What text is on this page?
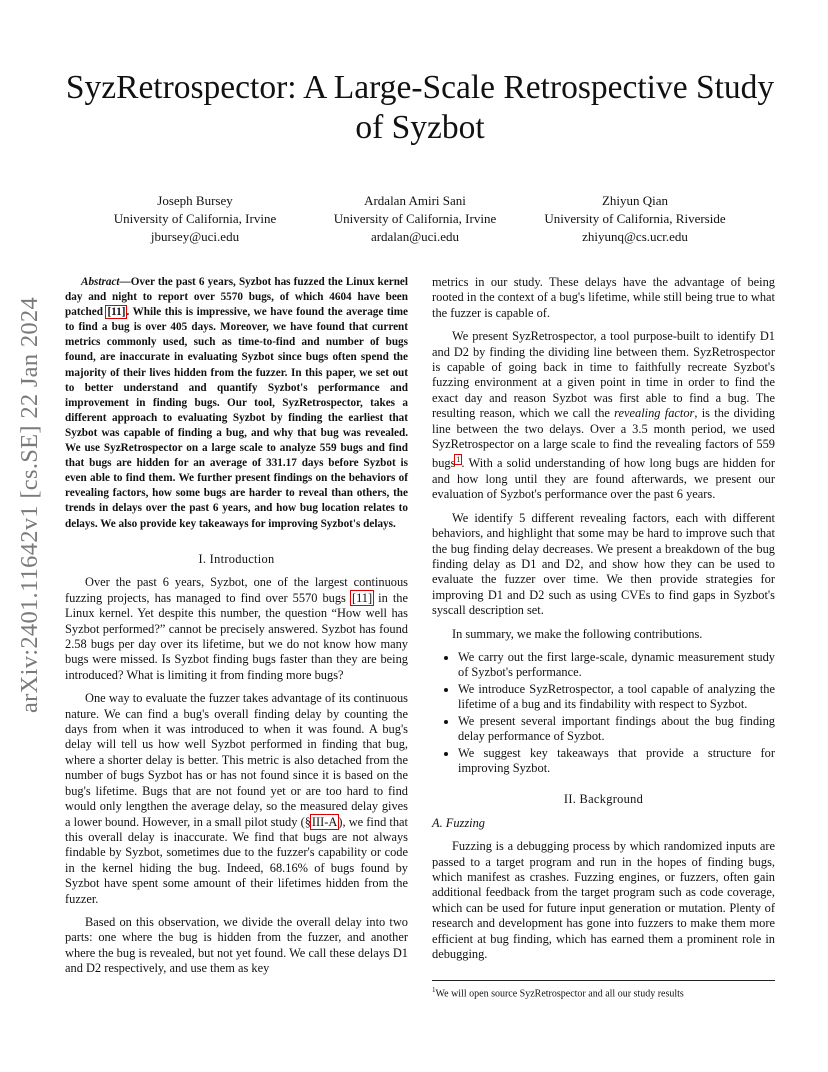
arXiv:2401.11642v1 [cs.SE] 22 Jan 2024
SyzRetrospector: A Large-Scale Retrospective Study
of Syzbot
Joseph Bursey
University of California, Irvine
jbursey@uci.edu
Ardalan Amiri Sani
University of California, Irvine
ardalan@uci.edu
Zhiyun Qian
University of California, Riverside
zhiyunq@cs.ucr.edu
Abstract—Over the past 6 years, Syzbot has fuzzed the Linux kernel day and night to report over 5570 bugs, of which 4604 have been patched [11]. While this is impressive, we have found the average time to find a bug is over 405 days. Moreover, we have found that current metrics commonly used, such as time-to-find and number of bugs found, are inaccurate in evaluating Syzbot since bugs often spend the majority of their lives hidden from the fuzzer. In this paper, we set out to better understand and quantify Syzbot's performance and improvement in finding bugs. Our tool, SyzRetrospector, takes a different approach to evaluating Syzbot by finding the earliest that Syzbot was capable of finding a bug, and why that bug was revealed. We use SyzRetrospector on a large scale to analyze 559 bugs and find that bugs are hidden for an average of 331.17 days before Syzbot is even able to find them. We further present findings on the behaviors of revealing factors, how some bugs are harder to reveal than others, the trends in delays over the past 6 years, and how bug location relates to delays. We also provide key takeaways for improving Syzbot's delays.
I. Introduction

Over the past 6 years, Syzbot, one of the largest continuous fuzzing projects, has managed to find over 5570 bugs [11] in the Linux kernel. Yet despite this number, the question “How well has Syzbot performed?” cannot be precisely answered. Syzbot has found 2.58 bugs per day over its lifetime, but we do not know how many bugs were missed. Is Syzbot finding bugs faster than they are being introduced? What is limiting it from finding more bugs?

One way to evaluate the fuzzer takes advantage of its continuous nature. We can find a bug's overall finding delay by counting the days from when it was introduced to when it was found. A bug's delay will tell us how well Syzbot performed in finding that bug, where a shorter delay is better. This metric is also detached from the number of bugs Syzbot has or has not found since it is based on the bug's lifetime. Bugs that are not found yet or are too hard to find would only lengthen the average delay, so the measured delay gives a lower bound. However, in a small pilot study (§III-A), we find that this overall delay is inaccurate. We find that bugs are not always findable by Syzbot, sometimes due to the fuzzer's capability or code in the kernel hiding the bug. Indeed, 68.16% of bugs found by Syzbot have spent some amount of their lifetimes hidden from the fuzzer.

Based on this observation, we divide the overall delay into two parts: one where the bug is hidden from the fuzzer, and another where the bug is revealed, but not yet found. We call these delays D1 and D2 respectively, and use them as key

metrics in our study. These delays have the advantage of being rooted in the context of a bug's lifetime, while still being true to what the fuzzer is capable of.

We present SyzRetrospector, a tool purpose-built to identify D1 and D2 by finding the dividing line between them. SyzRetrospector is capable of going back in time to faithfully recreate Syzbot's fuzzing environment at a given point in time in order to find the exact day and reason Syzbot was first able to find a bug. The resulting reason, which we call the revealing factor, is the dividing line between the two delays. Over a 3.5 month period, we used SyzRetrospector on a large scale to find the revealing factors of 559 bugs$^1$. With a solid understanding of how long bugs are hidden for and how long until they are found afterwards, we present our evaluation of Syzbot's performance over the past 6 years.

We identify 5 different revealing factors, each with different behaviors, and highlight that some may be hard to improve such that the bug finding delay decreases. We present a breakdown of the bug finding delay as D1 and D2, and show how they can be used to evaluate the fuzzer over time. We then provide strategies for improving D1 and D2 such as using CVEs to find gaps in Syzbot's syscall description set.

In summary, we make the following contributions.

• We carry out the first large-scale, dynamic measurement study of Syzbot's performance.
• We introduce SyzRetrospector, a tool capable of analyzing the lifetime of a bug and its findability with respect to Syzbot.
• We present several important findings about the bug finding delay performance of Syzbot.
• We suggest key takeaways that provide a structure for improving Syzbot.
II. Background
A. Fuzzing

Fuzzing is a debugging process by which randomized inputs are passed to a target program and run in the hopes of finding bugs, which manifest as crashes. Fuzzing engines, or fuzzers, often gain additional feedback from the target program such as code coverage, which can be used for future input generation or mutation. Plenty of research and development has gone into fuzzers to make them more efficient at bug finding, which has earned them a prominent role in debugging.

$^1$We will open source SyzRetrospector and all our study results
